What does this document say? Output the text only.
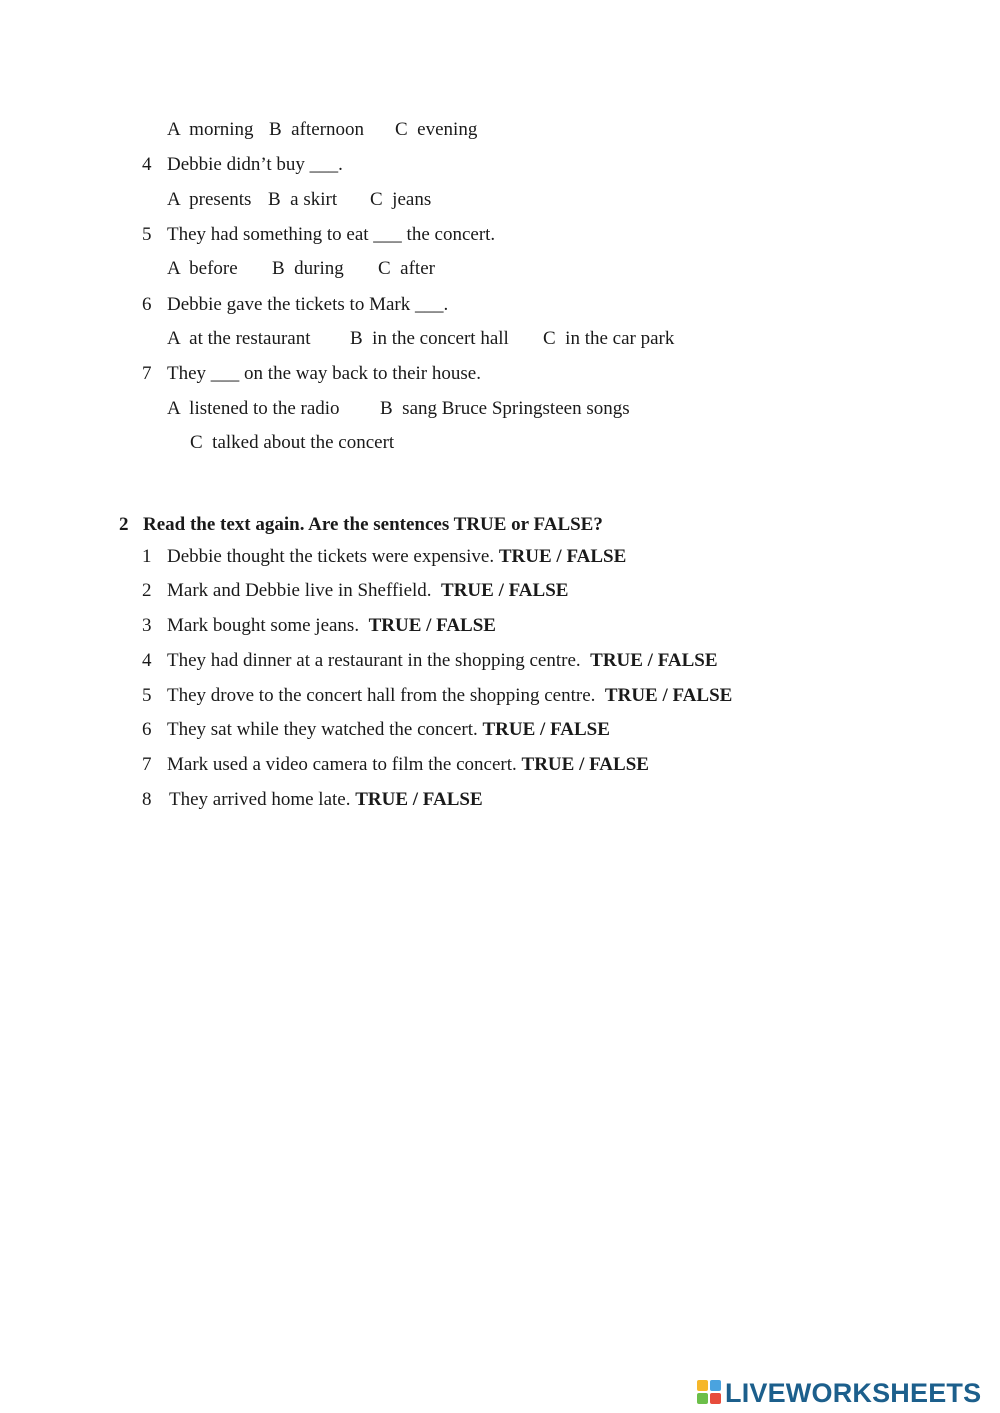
A  morning B  afternoon C  evening
4 Debbie didn’t buy ___.
A  presents B  a skirt C  jeans
5 They had something to eat ___ the concert.
A  before B  during C  after
6 Debbie gave the tickets to Mark ___.
A  at the restaurant B  in the concert hall C  in the car park
7 They ___ on the way back to their house.
A  listened to the radio B  sang Bruce Springsteen songs
C  talked about the concert
2 Read the text again. Are the sentences TRUE or FALSE?
1 Debbie thought the tickets were expensive. TRUE / FALSE
2 Mark and Debbie live in Sheffield. TRUE / FALSE
3 Mark bought some jeans. TRUE / FALSE
4 They had dinner at a restaurant in the shopping centre. TRUE / FALSE
5 They drove to the concert hall from the shopping centre. TRUE / FALSE
6 They sat while they watched the concert. TRUE / FALSE
7 Mark used a video camera to film the concert. TRUE / FALSE
8 They arrived home late. TRUE / FALSE
LIVEWORKSHEETS
